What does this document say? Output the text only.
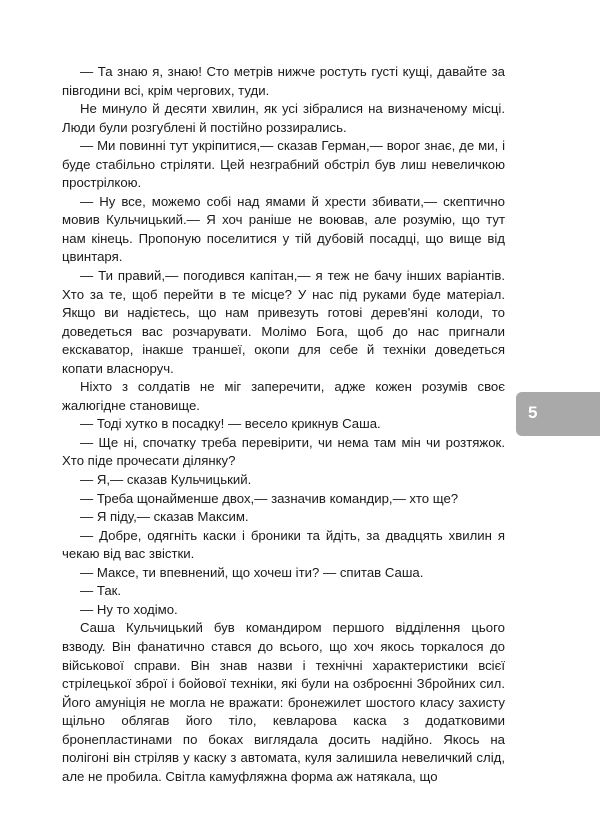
— Та знаю я, знаю! Сто метрів нижче ростуть густі кущі, давайте за півгодини всі, крім чергових, туди.

Не минуло й десяти хвилин, як усі зібралися на визначеному місці. Люди були розгублені й постійно роззирались.

— Ми повинні тут укріпитися,— сказав Герман,— ворог знає, де ми, і буде стабільно стріляти. Цей незграбний обстріл був лиш невеличкою прострілкою.

— Ну все, можемо собі над ямами й хрести збивати,— скептично мовив Кульчицький.— Я хоч раніше не воював, але розумію, що тут нам кінець. Пропоную поселитися у тій дубовій посадці, що вище від цвинтаря.

— Ти правий,— погодився капітан,— я теж не бачу інших варіантів. Хто за те, щоб перейти в те місце? У нас під руками буде матеріал. Якщо ви надієтесь, що нам привезуть готові дерев'яні колоди, то доведеться вас розчарувати. Молімо Бога, щоб до нас пригнали екскаватор, інакше траншеї, окопи для себе й техніки доведеться копати власноруч.

Ніхто з солдатів не міг заперечити, адже кожен розумів своє жалюгідне становище.

— Тоді хутко в посадку! — весело крикнув Саша.

— Ще ні, спочатку треба перевірити, чи нема там мін чи розтяжок. Хто піде прочесати ділянку?

— Я,— сказав Кульчицький.

— Треба щонайменше двох,— зазначив командир,— хто ще?

— Я піду,— сказав Максим.

— Добре, одягніть каски і броники та йдіть, за двадцять хвилин я чекаю від вас звістки.

— Максе, ти впевнений, що хочеш іти? — спитав Саша.

— Так.

— Ну то ходімо.

Саша Кульчицький був командиром першого відділення цього взводу. Він фанатично стався до всього, що хоч якось торкалося до військової справи. Він знав назви і технічні характеристики всієї стрілецької зброї і бойової техніки, які були на озброєнні Збройних сил. Його амуніція не могла не вражати: бронежилет шостого класу захисту щільно облягав його тіло, кевларова каска з додатковими бронепластинами по боках виглядала досить надійно. Якось на полігоні він стріляв у каску з автомата, куля залишила невеличкий слід, але не пробила. Світла камуфляжна форма аж натякала, що

5
